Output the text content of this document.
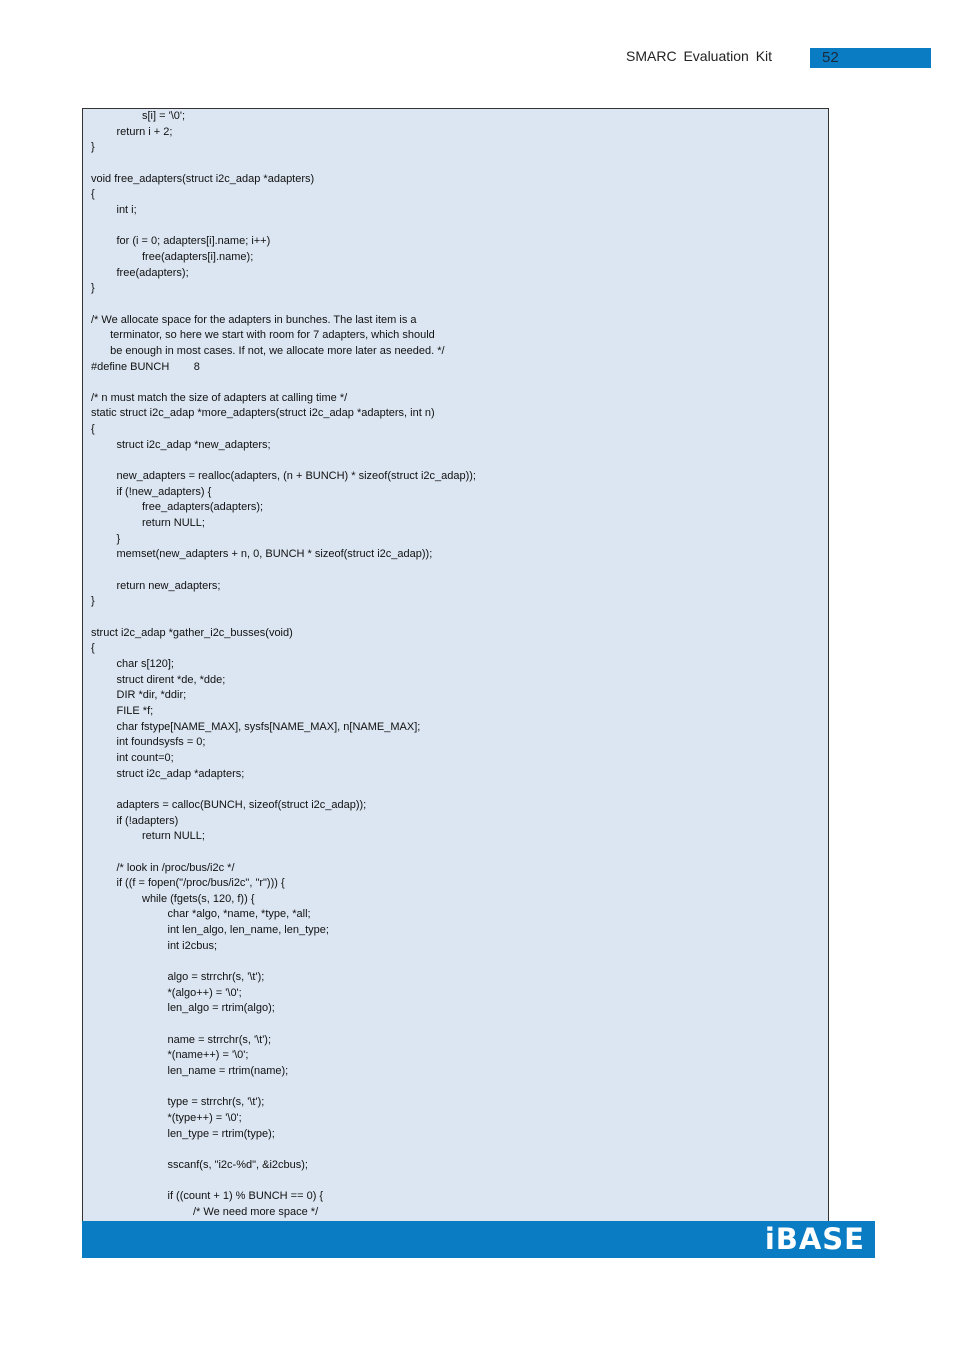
SMARC Evaluation Kit	52
s[i] = '\0';
return i + 2;
}
void free_adapters(struct i2c_adap *adapters)
{
int i;
for (i = 0; adapters[i].name; i++)
free(adapters[i].name);
free(adapters);
}
/* We allocate space for the adapters in bunches. The last item is a
terminator, so here we start with room for 7 adapters, which should
be enough in most cases. If not, we allocate more later as needed. */
#define BUNCH        8
/* n must match the size of adapters at calling time */
static struct i2c_adap *more_adapters(struct i2c_adap *adapters, int n)
{
struct i2c_adap *new_adapters;
new_adapters = realloc(adapters, (n + BUNCH) * sizeof(struct i2c_adap));
if (!new_adapters) {
free_adapters(adapters);
return NULL;
}
memset(new_adapters + n, 0, BUNCH * sizeof(struct i2c_adap));
return new_adapters;
}
struct i2c_adap *gather_i2c_busses(void)
{
char s[120];
struct dirent *de, *dde;
DIR *dir, *ddir;
FILE *f;
char fstype[NAME_MAX], sysfs[NAME_MAX], n[NAME_MAX];
int foundsysfs = 0;
int count=0;
struct i2c_adap *adapters;
adapters = calloc(BUNCH, sizeof(struct i2c_adap));
if (!adapters)
return NULL;
/* look in /proc/bus/i2c */
if ((f = fopen("/proc/bus/i2c", "r"))) {
while (fgets(s, 120, f)) {
char *algo, *name, *type, *all;
int len_algo, len_name, len_type;
int i2cbus;
algo = strrchr(s, '\t');
*(algo++) = '\0';
len_algo = rtrim(algo);
name = strrchr(s, '\t');
*(name++) = '\0';
len_name = rtrim(name);
type = strrchr(s, '\t');
*(type++) = '\0';
len_type = rtrim(type);
sscanf(s, "i2c-%d", &i2cbus);
if ((count + 1) % BUNCH == 0) {
/* We need more space */
iBASE
